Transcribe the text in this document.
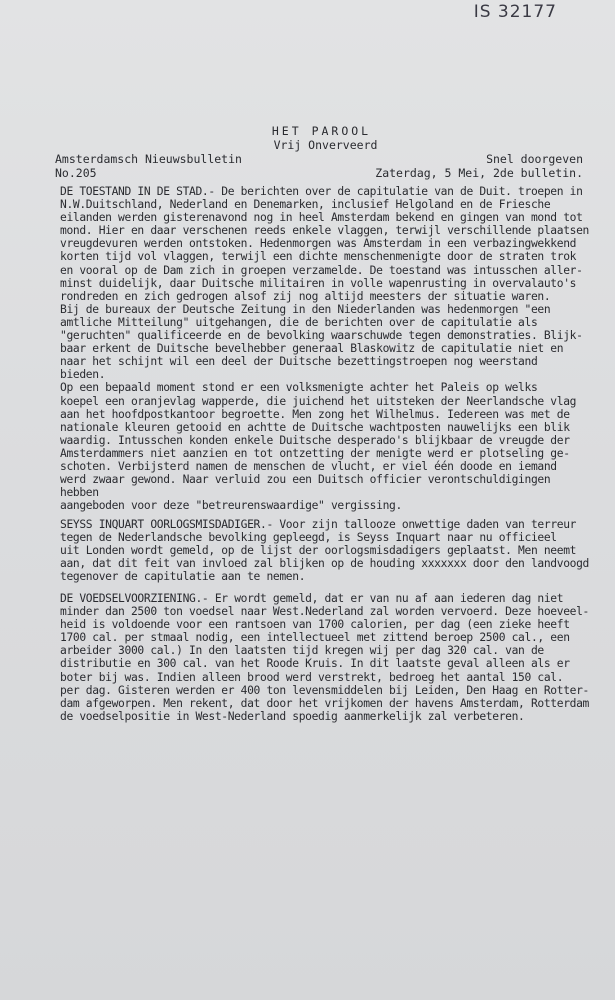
IS 32177
HET PAROOL
Vrij Onverveerd
Amsterdamsch Nieuwsbulletin
No.205
Snel doorgeven
Zaterdag, 5 Mei, 2de bulletin.

DE TOESTAND IN DE STAD.- De berichten over de capitulatie van de Duit. troepen in
N.W.Duitschland, Nederland en Denemarken, inclusief Helgoland en de Friesche
eilanden werden gisterenavond nog in heel Amsterdam bekend en gingen van mond tot
mond. Hier en daar verschenen reeds enkele vlaggen, terwijl verschillende plaatsen
vreugdevuren werden ontstoken. Hedenmorgen was Amsterdam in een verbazingwekkend
korten tijd vol vlaggen, terwijl een dichte menschenmenigte door de straten trok
en vooral op de Dam zich in groepen verzamelde. De toestand was intusschen aller-
minst duidelijk, daar Duitsche militairen in volle wapenrusting in overvalauto's
rondreden en zich gedrogen alsof zij nog altijd meesters der situatie waren.
Bij de bureaux der Deutsche Zeitung in den Niederlanden was hedenmorgen "een
amtliche Mitteilung" uitgehangen, die de berichten over de capitulatie als
"geruchten" qualificeerde en de bevolking waarschuwde tegen demonstraties. Blijk-
baar erkent de Duitsche bevelhebber generaal Blaskowitz de capitulatie niet en
naar het schijnt wil een deel der Duitsche bezettingstroepen nog weerstand
bieden.
Op een bepaald moment stond er een volksmenigte achter het Paleis op welks
koepel een oranjevlag wapperde, die juichend het uitsteken der Neerlandsche vlag
aan het hoofdpostkantoor begroette. Men zong het Wilhelmus. Iedereen was met de
nationale kleuren getooid en achtte de Duitsche wachtposten nauwelijks een blik
waardig. Intusschen konden enkele Duitsche desperado's blijkbaar de vreugde der
Amsterdammers niet aanzien en tot ontzetting der menigte werd er plotseling ge-
schoten. Verbijsterd namen de menschen de vlucht, er viel één doode en iemand
werd zwaar gewond. Naar verluid zou een Duitsch officier verontschuldigingen hebben
aangeboden voor deze "betreurenswaardige" vergissing.

SEYSS INQUART OORLOGSMISDADIGER.- Voor zijn tallooze onwettige daden van terreur
tegen de Nederlandsche bevolking gepleegd, is Seyss Inquart naar nu officieel
uit Londen wordt gemeld, op de lijst der oorlogsmisdadigers geplaatst. Men neemt
aan, dat dit feit van invloed zal blijken op de houding xxxxxxx door den landvoogd
tegenover de capitulatie aan te nemen.

DE VOEDSELVOORZIENING.- Er wordt gemeld, dat er van nu af aan iederen dag niet
minder dan 2500 ton voedsel naar West.Nederland zal worden vervoerd. Deze hoeveel-
heid is voldoende voor een rantsoen van 1700 calorien, per dag (een zieke heeft
1700 cal. per stmaal nodig, een intellectueel met zittend beroep 2500 cal., een
arbeider 3000 cal.) In den laatsten tijd kregen wij per dag 320 cal. van de
distributie en 300 cal. van het Roode Kruis. In dit laatste geval alleen als er
boter bij was. Indien alleen brood werd verstrekt, bedroeg het aantal 150 cal.
per dag. Gisteren werden er 400 ton levensmiddelen bij Leiden, Den Haag en Rotter-
dam afgeworpen. Men rekent, dat door het vrijkomen der havens Amsterdam, Rotterdam
de voedselpositie in West-Nederland spoedig aanmerkelijk zal verbeteren.
